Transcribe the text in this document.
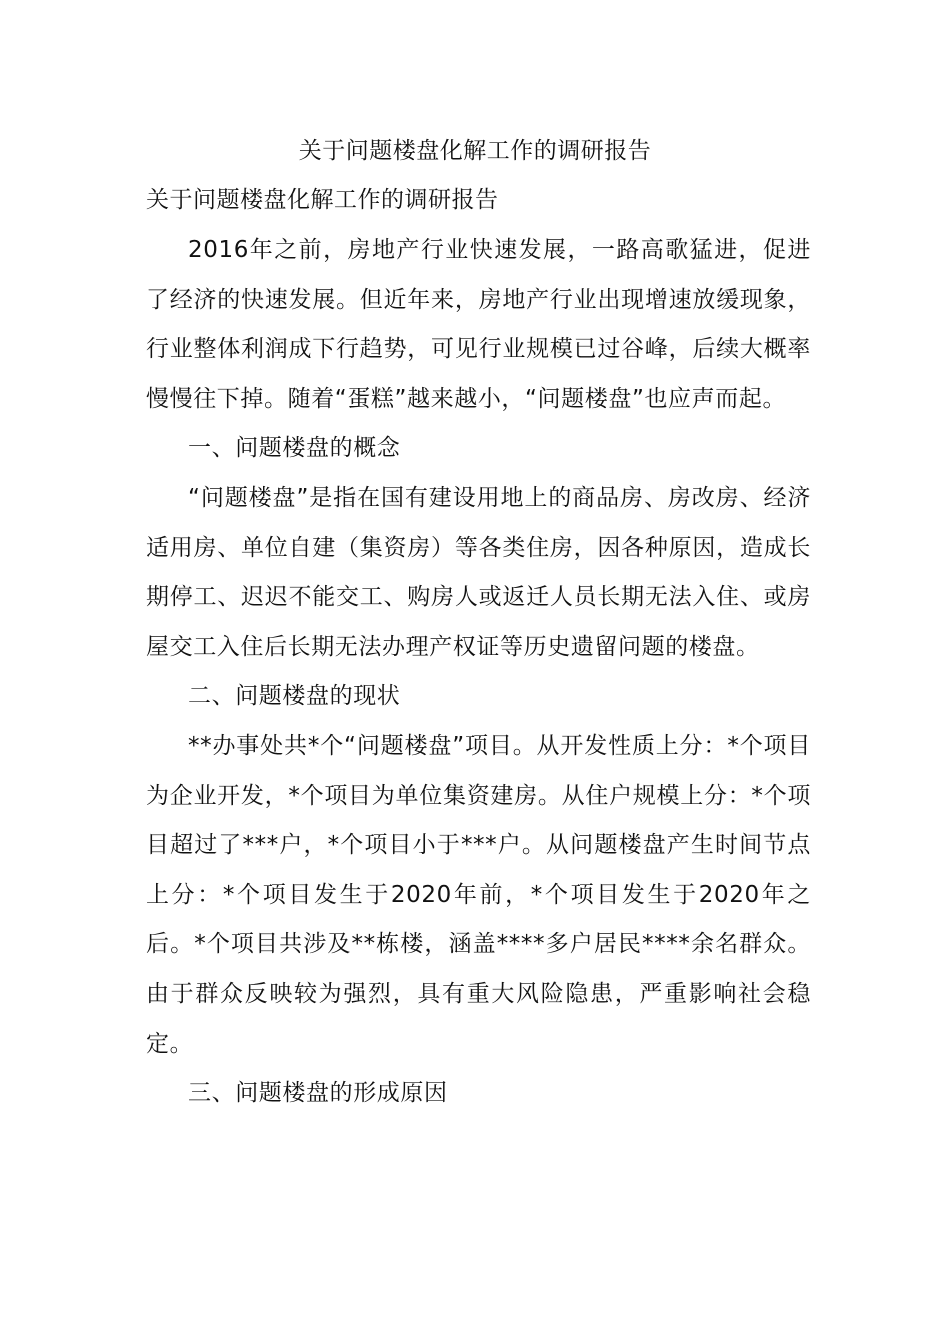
关于问题楼盘化解工作的调研报告
关于问题楼盘化解工作的调研报告

2016年之前，房地产行业快速发展，一路高歌猛进，促进了经济的快速发展。但近年来，房地产行业出现增速放缓现象，行业整体利润成下行趋势，可见行业规模已过谷峰，后续大概率慢慢往下掉。随着“蛋糕”越来越小，“问题楼盘”也应声而起。

一、问题楼盘的概念

“问题楼盘”是指在国有建设用地上的商品房、房改房、经济适用房、单位自建（集资房）等各类住房，因各种原因，造成长期停工、迟迟不能交工、购房人或返迁人员长期无法入住、或房屋交工入住后长期无法办理产权证等历史遗留问题的楼盘。

二、问题楼盘的现状

**办事处共*个“问题楼盘”项目。从开发性质上分：*个项目为企业开发，*个项目为单位集资建房。从住户规模上分：*个项目超过了***户，*个项目小于***户。从问题楼盘产生时间节点上分：*个项目发生于2020年前，*个项目发生于2020年之后。*个项目共涉及**栋楼，涵盖****多户居民****余名群众。由于群众反映较为强烈，具有重大风险隐患，严重影响社会稳定。

三、问题楼盘的形成原因
